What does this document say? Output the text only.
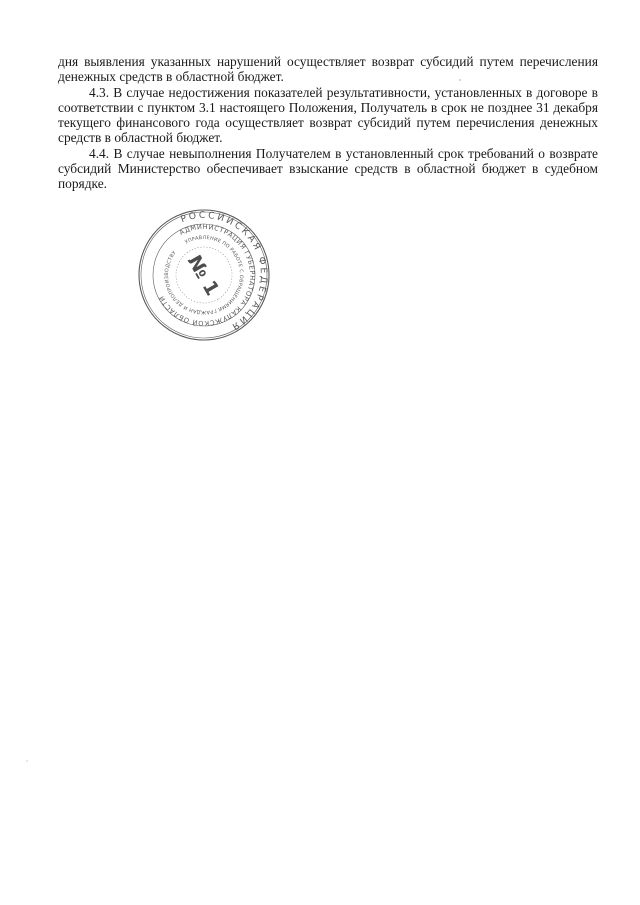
дня выявления указанных нарушений осуществляет возврат субсидий путем перечисления денежных средств в областной бюджет.

4.3. В случае недостижения показателей результативности, установленных в договоре в соответствии с пунктом 3.1 настоящего Положения, Получатель в срок не позднее 31 декабря текущего финансового года осуществляет возврат субсидий путем перечисления денежных средств в областной бюджет.

4.4. В случае невыполнения Получателем в установленный срок требований о возврате субсидий Министерство обеспечивает взыскание средств в областной бюджет в судебном порядке.

РОССИЙСКАЯ ФЕДЕРАЦИЯ
АДМИНИСТРАЦИЯ ГУБЕРНАТОРА КАЛУЖСКОЙ ОБЛАСТИ
УПРАВЛЕНИЕ ПО РАБОТЕ С ОБРАЩЕНИЯМИ ГРАЖДАН И ДЕЛОПРОИЗВОДСТВУ № 1
